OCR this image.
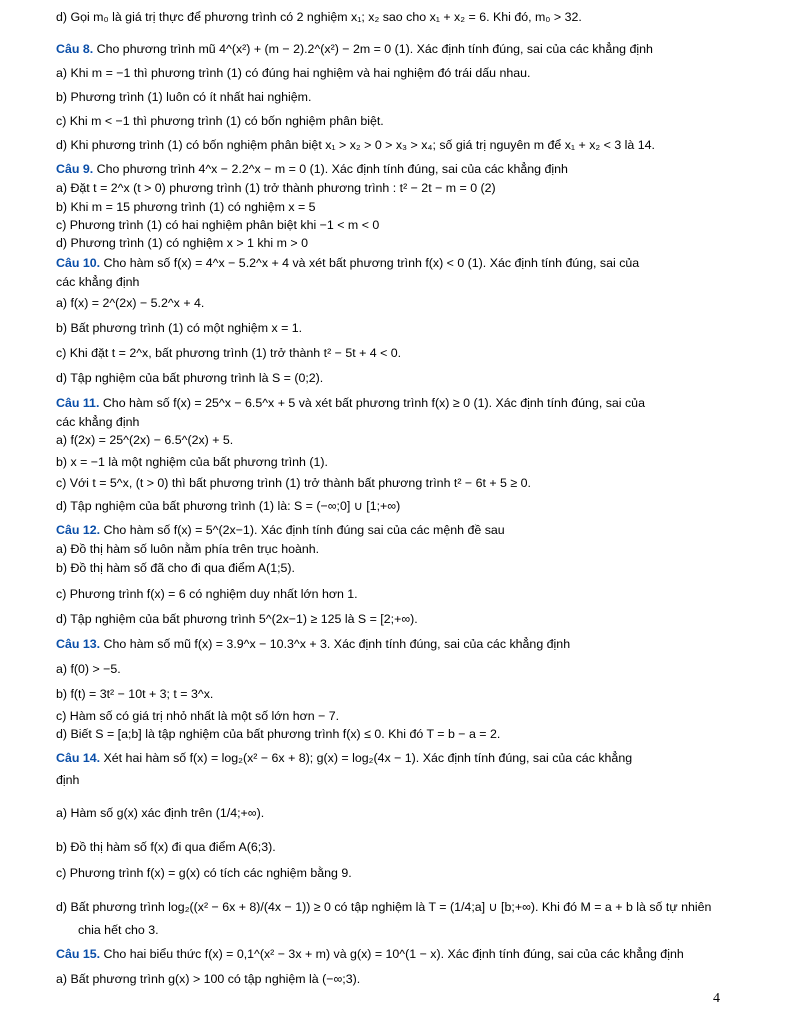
d) Gọi m₀ là giá trị thực để phương trình có 2 nghiệm x₁; x₂ sao cho x₁ + x₂ = 6. Khi đó, m₀ > 32.
Câu 8. Cho phương trình mũ 4^(x²) + (m − 2).2^(x²) − 2m = 0 (1). Xác định tính đúng, sai của các khẳng định
a) Khi m = −1 thì phương trình (1) có đúng hai nghiệm và hai nghiệm đó trái dấu nhau.
b) Phương trình (1) luôn có ít nhất hai nghiệm.
c) Khi m < −1 thì phương trình (1) có bốn nghiệm phân biệt.
d) Khi phương trình (1) có bốn nghiệm phân biệt x₁ > x₂ > 0 > x₃ > x₄; số giá trị nguyên m để x₁ + x₂ < 3 là 14.
Câu 9. Cho phương trình 4^x − 2.2^x − m = 0 (1). Xác định tính đúng, sai của các khẳng định
a) Đặt t = 2^x (t > 0) phương trình (1) trở thành phương trình : t² − 2t − m = 0 (2)
b) Khi m = 15 phương trình (1) có nghiệm x = 5
c) Phương trình (1) có hai nghiệm phân biệt khi −1 < m < 0
d) Phương trình (1) có nghiệm x > 1 khi m > 0
Câu 10. Cho hàm số f(x) = 4^x − 5.2^x + 4 và xét bất phương trình f(x) < 0 (1). Xác định tính đúng, sai của
các khẳng định
a) f(x) = 2^(2x) − 5.2^x + 4.
b) Bất phương trình (1) có một nghiệm x = 1.
c) Khi đặt t = 2^x, bất phương trình (1) trở thành t² − 5t + 4 < 0.
d) Tập nghiệm của bất phương trình là S = (0;2).
Câu 11. Cho hàm số f(x) = 25^x − 6.5^x + 5 và xét bất phương trình f(x) ≥ 0 (1). Xác định tính đúng, sai của
các khẳng định
a) f(2x) = 25^(2x) − 6.5^(2x) + 5.
b) x = −1 là một nghiệm của bất phương trình (1).
c) Với t = 5^x, (t > 0) thì bất phương trình (1) trở thành bất phương trình t² − 6t + 5 ≥ 0.
d) Tập nghiệm của bất phương trình (1) là: S = (−∞;0] ∪ [1;+∞)
Câu 12. Cho hàm số f(x) = 5^(2x−1). Xác định tính đúng sai của các mệnh đề sau
a) Đồ thị hàm số luôn nằm phía trên trục hoành.
b) Đồ thị hàm số đã cho đi qua điểm A(1;5).
c) Phương trình f(x) = 6 có nghiệm duy nhất lớn hơn 1.
d) Tập nghiệm của bất phương trình 5^(2x−1) ≥ 125 là S = [2;+∞).
Câu 13. Cho hàm số mũ f(x) = 3.9^x − 10.3^x + 3. Xác định tính đúng, sai của các khẳng định
a) f(0) > −5.
b) f(t) = 3t² − 10t + 3; t = 3^x.
c) Hàm số có giá trị nhỏ nhất là một số lớn hơn − 7.
d) Biết S = [a;b] là tập nghiệm của bất phương trình f(x) ≤ 0. Khi đó T = b − a = 2.
Câu 14. Xét hai hàm số f(x) = log₂(x² − 6x + 8); g(x) = log₂(4x − 1). Xác định tính đúng, sai của các khẳng
định
a) Hàm số g(x) xác định trên (1/4;+∞).
b) Đồ thị hàm số f(x) đi qua điểm A(6;3).
c) Phương trình f(x) = g(x) có tích các nghiệm bằng 9.
d) Bất phương trình log₂((x² − 6x + 8)/(4x − 1)) ≥ 0 có tập nghiệm là T = (1/4;a] ∪ [b;+∞). Khi đó M = a + b là số tự nhiên
chia hết cho 3.
Câu 15. Cho hai biểu thức f(x) = 0,1^(x² − 3x + m) và g(x) = 10^(1 − x). Xác định tính đúng, sai của các khẳng định
a) Bất phương trình g(x) > 100 có tập nghiệm là (−∞;3).
4
